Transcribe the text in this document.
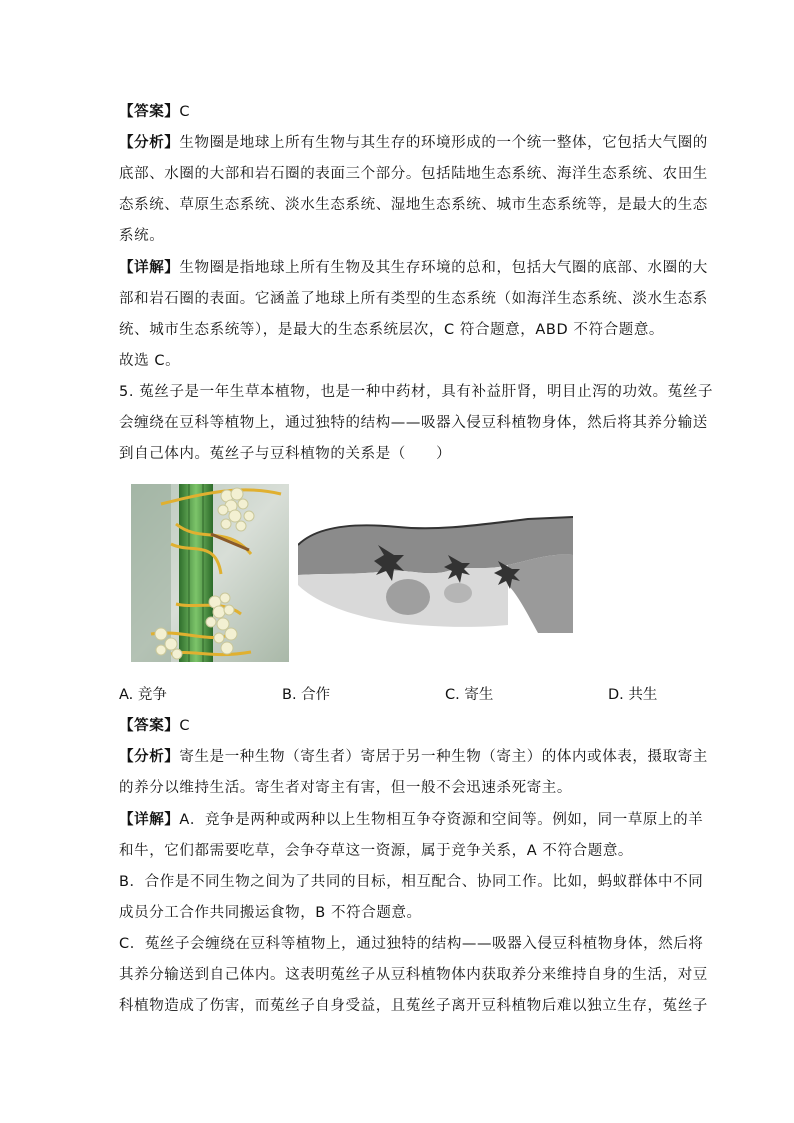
【答案】C
【分析】生物圈是地球上所有生物与其生存的环境形成的一个统一整体，它包括大气圈的
底部、水圈的大部和岩石圈的表面三个部分。包括陆地生态系统、海洋生态系统、农田生
态系统、草原生态系统、淡水生态系统、湿地生态系统、城市生态系统等，是最大的生态
系统。
【详解】生物圈是指地球上所有生物及其生存环境的总和，包括大气圈的底部、水圈的大
部和岩石圈的表面。它涵盖了地球上所有类型的生态系统（如海洋生态系统、淡水生态系
统、城市生态系统等），是最大的生态系统层次，C 符合题意，ABD 不符合题意。
故选 C。
5. 菟丝子是一年生草本植物，也是一种中药材，具有补益肝肾，明目止泻的功效。菟丝子
会缠绕在豆科等植物上，通过独特的结构——吸器入侵豆科植物身体，然后将其养分输送
到自己体内。菟丝子与豆科植物的关系是（　　）
A. 竞争	B. 合作	C. 寄生	D. 共生
【答案】C
【分析】寄生是一种生物（寄生者）寄居于另一种生物（寄主）的体内或体表，摄取寄主
的养分以维持生活。寄生者对寄主有害，但一般不会迅速杀死寄主。
【详解】A．竞争是两种或两种以上生物相互争夺资源和空间等。例如，同一草原上的羊
和牛，它们都需要吃草，会争夺草这一资源，属于竞争关系，A 不符合题意。
B．合作是不同生物之间为了共同的目标，相互配合、协同工作。比如，蚂蚁群体中不同
成员分工合作共同搬运食物，B 不符合题意。
C．菟丝子会缠绕在豆科等植物上，通过独特的结构——吸器入侵豆科植物身体，然后将
其养分输送到自己体内。这表明菟丝子从豆科植物体内获取养分来维持自身的生活，对豆
科植物造成了伤害，而菟丝子自身受益，且菟丝子离开豆科植物后难以独立生存，菟丝子
